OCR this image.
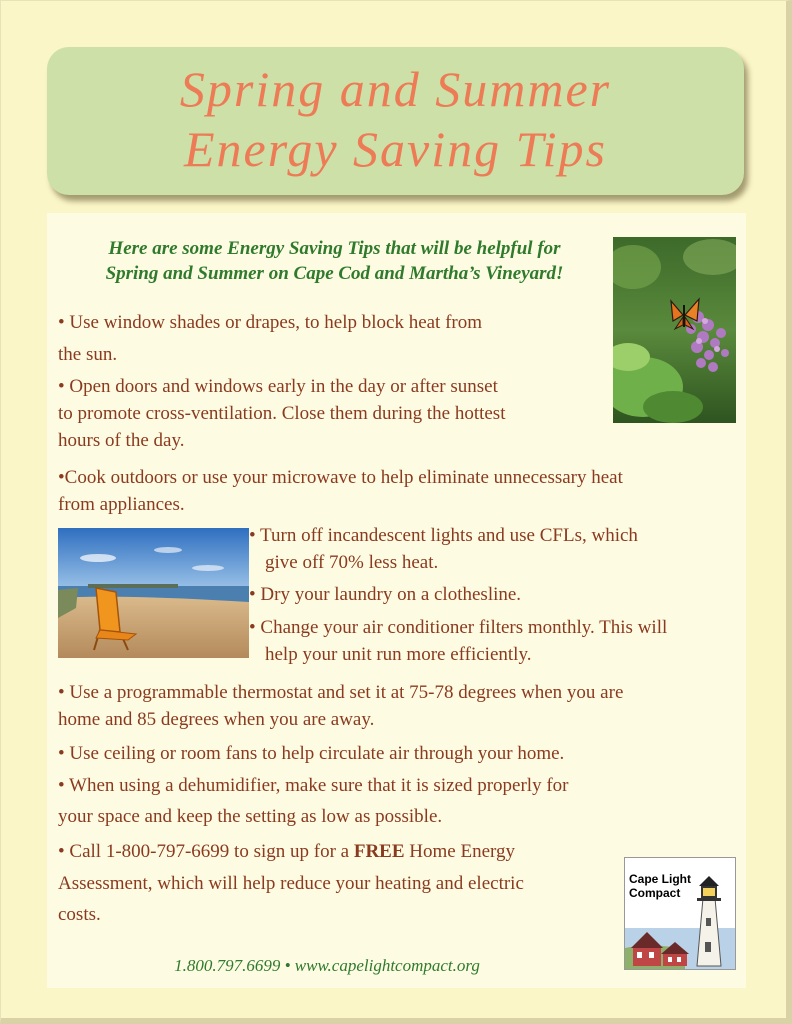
Spring and Summer
Energy Saving Tips
Here are some Energy Saving Tips that will be helpful for
Spring and Summer on Cape Cod and Martha’s Vineyard!
• Use window shades or drapes, to help block heat from
the sun.
• Open doors and windows early in the day or after sunset
to promote cross-ventilation. Close them during the hottest
hours of the day.
•Cook outdoors or use your microwave to help eliminate unnecessary heat
from appliances.
• Turn off incandescent lights and use CFLs, which
give off 70% less heat.
• Dry your laundry on a clothesline.
• Change your air conditioner filters monthly. This will
help your unit run more efficiently.
• Use a programmable thermostat and set it at 75-78 degrees when you are
home and 85 degrees when you are away.
• Use ceiling or room fans to help circulate air through your home.
• When using a dehumidifier, make sure that it is sized properly for
your space and keep the setting as low as possible.
• Call 1-800-797-6699 to sign up for a FREE Home Energy
Assessment, which will help reduce your heating and electric
costs.
Cape Light
Compact
1.800.797.6699 • www.capelightcompact.org
